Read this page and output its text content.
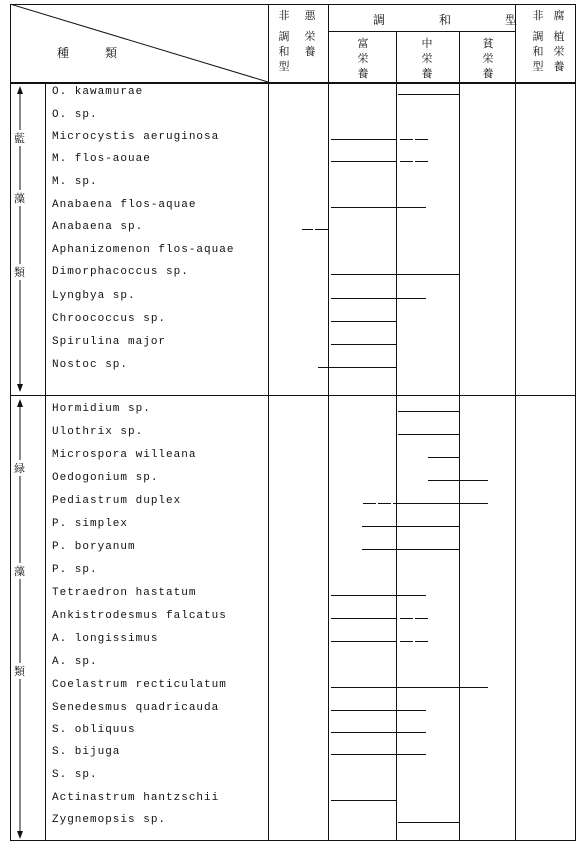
種　　類
非
調
和
型
悪
栄
養
調　　和　　型
富
栄
養
中
栄
養
貧
栄
養
非
調
和
型
腐
植
栄
養
藍
藻
類
緑
藻
類
O. kawamurae
O. sp.
Microcystis aeruginosa
M. flos-aouae
M. sp.
Anabaena flos-aquae
Anabaena sp.
Aphanizomenon flos-aquae
Dimorphacoccus sp.
Lyngbya sp.
Chroococcus sp.
Spirulina major
Nostoc sp.
Hormidium sp.
Ulothrix sp.
Microspora willeana
Oedogonium sp.
Pediastrum duplex
P. simplex
P. boryanum
P. sp.
Tetraedron hastatum
Ankistrodesmus falcatus
A. longissimus
A. sp.
Coelastrum recticulatum
Senedesmus quadricauda
S. obliquus
S. bijuga
S. sp.
Actinastrum hantzschii
Zygnemopsis sp.
